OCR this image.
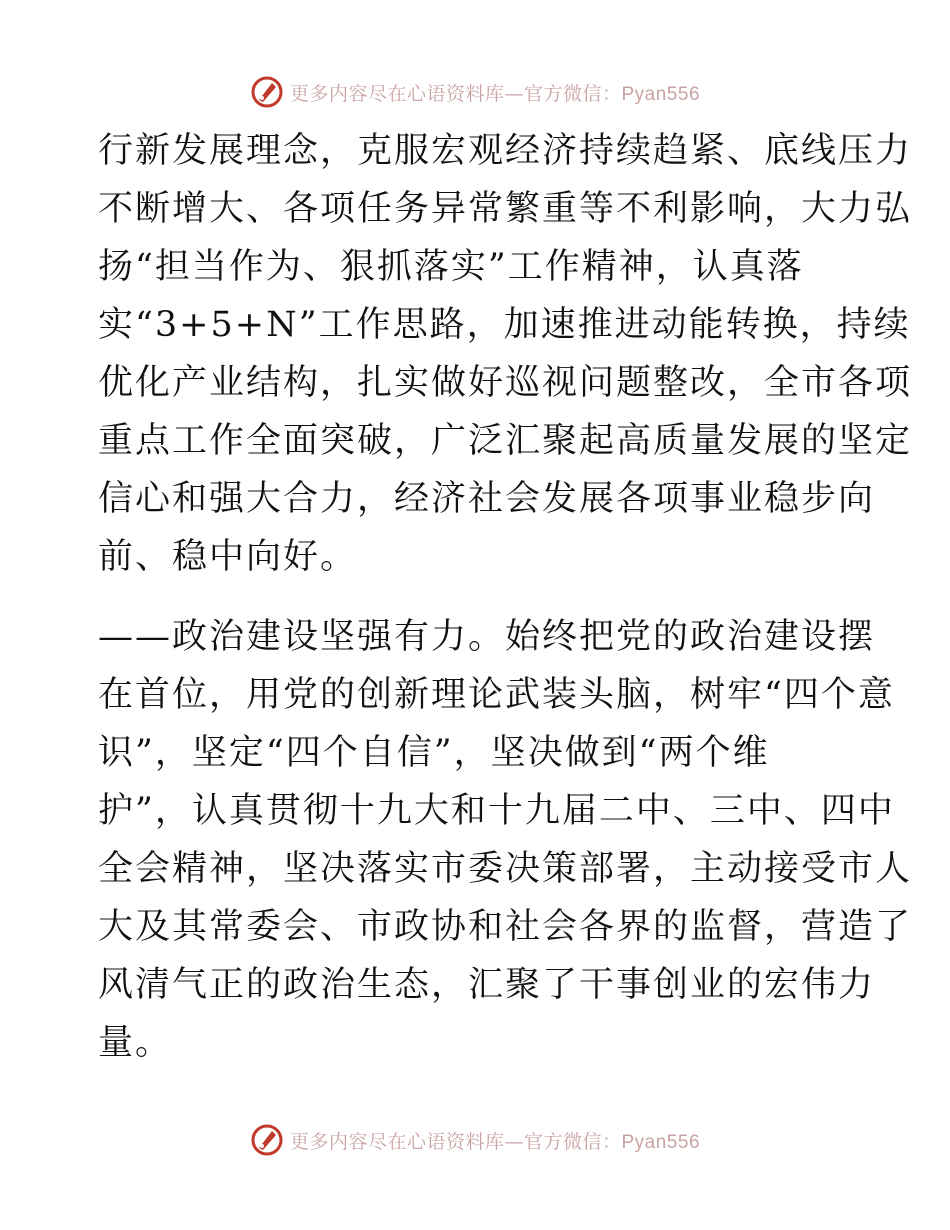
更多内容尽在心语资料库—官方微信：Pyan556
行新发展理念，克服宏观经济持续趋紧、底线压力
不断增大、各项任务异常繁重等不利影响，大力弘
扬“担当作为、狠抓落实”工作精神，认真落
实“3+5+N”工作思路，加速推进动能转换，持续
优化产业结构，扎实做好巡视问题整改，全市各项
重点工作全面突破，广泛汇聚起高质量发展的坚定
信心和强大合力，经济社会发展各项事业稳步向
前、稳中向好。
——政治建设坚强有力。始终把党的政治建设摆
在首位，用党的创新理论武装头脑，树牢“四个意
识”，坚定“四个自信”，坚决做到“两个维
护”，认真贯彻十九大和十九届二中、三中、四中
全会精神，坚决落实市委决策部署，主动接受市人
大及其常委会、市政协和社会各界的监督，营造了
风清气正的政治生态，汇聚了干事创业的宏伟力
量。
更多内容尽在心语资料库—官方微信：Pyan556
